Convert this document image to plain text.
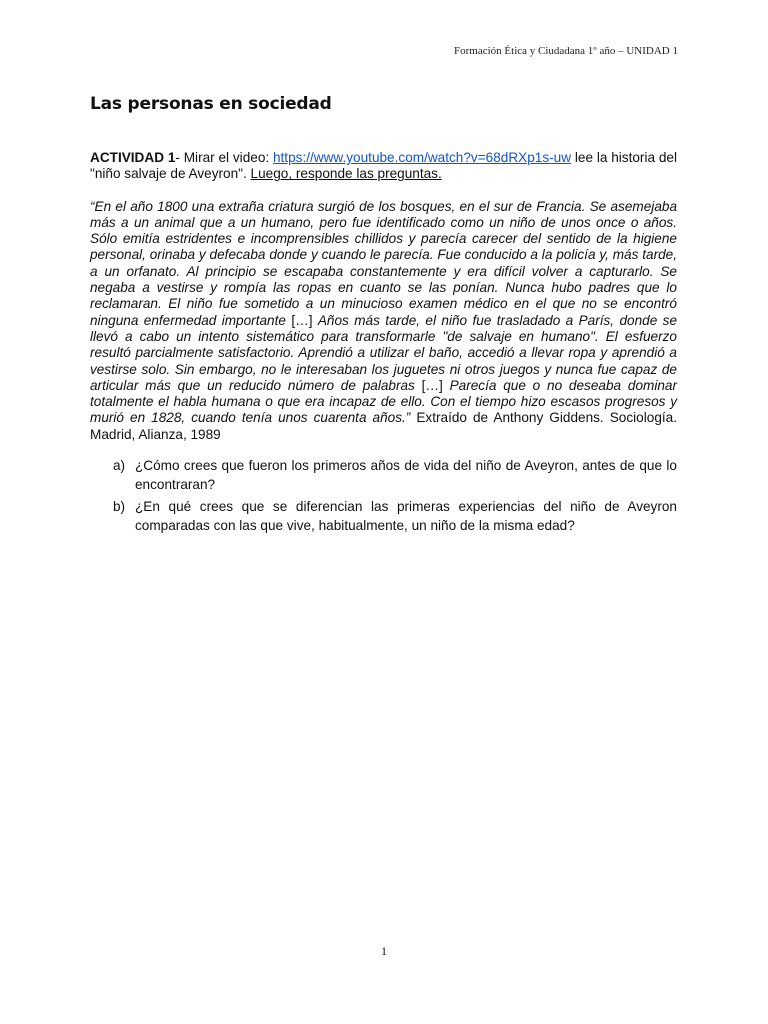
Formación Ética y Ciudadana 1º año – UNIDAD 1
Las personas en sociedad

ACTIVIDAD 1- Mirar el video: https://www.youtube.com/watch?v=68dRXp1s-uw lee la historia del "niño salvaje de Aveyron". Luego, responde las preguntas.

“En el año 1800 una extraña criatura surgió de los bosques, en el sur de Francia. Se asemejaba más a un animal que a un humano, pero fue identificado como un niño de unos once o años. Sólo emitía estridentes e incomprensibles chillidos y parecía carecer del sentido de la higiene personal, orinaba y defecaba donde y cuando le parecía. Fue conducido a la policía y, más tarde, a un orfanato. Al principio se escapaba constantemente y era difícil volver a capturarlo. Se negaba a vestirse y rompía las ropas en cuanto se las ponían. Nunca hubo padres que lo reclamaran. El niño fue sometido a un minucioso examen médico en el que no se encontró ninguna enfermedad importante […] Años más tarde, el niño fue trasladado a París, donde se llevó a cabo un intento sistemático para transformarle "de salvaje en humano". El esfuerzo resultó parcialmente satisfactorio. Aprendió a utilizar el baño, accedió a llevar ropa y aprendió a vestirse solo. Sin embargo, no le interesaban los juguetes ni otros juegos y nunca fue capaz de articular más que un reducido número de palabras […] Parecía que o no deseaba dominar totalmente el habla humana o que era incapaz de ello. Con el tiempo hizo escasos progresos y murió en 1828, cuando tenía unos cuarenta años.” Extraído de Anthony Giddens. Sociología. Madrid, Alianza, 1989

a) ¿Cómo crees que fueron los primeros años de vida del niño de Aveyron, antes de que lo encontraran?
b) ¿En qué crees que se diferencian las primeras experiencias del niño de Aveyron comparadas con las que vive, habitualmente, un niño de la misma edad?
1
